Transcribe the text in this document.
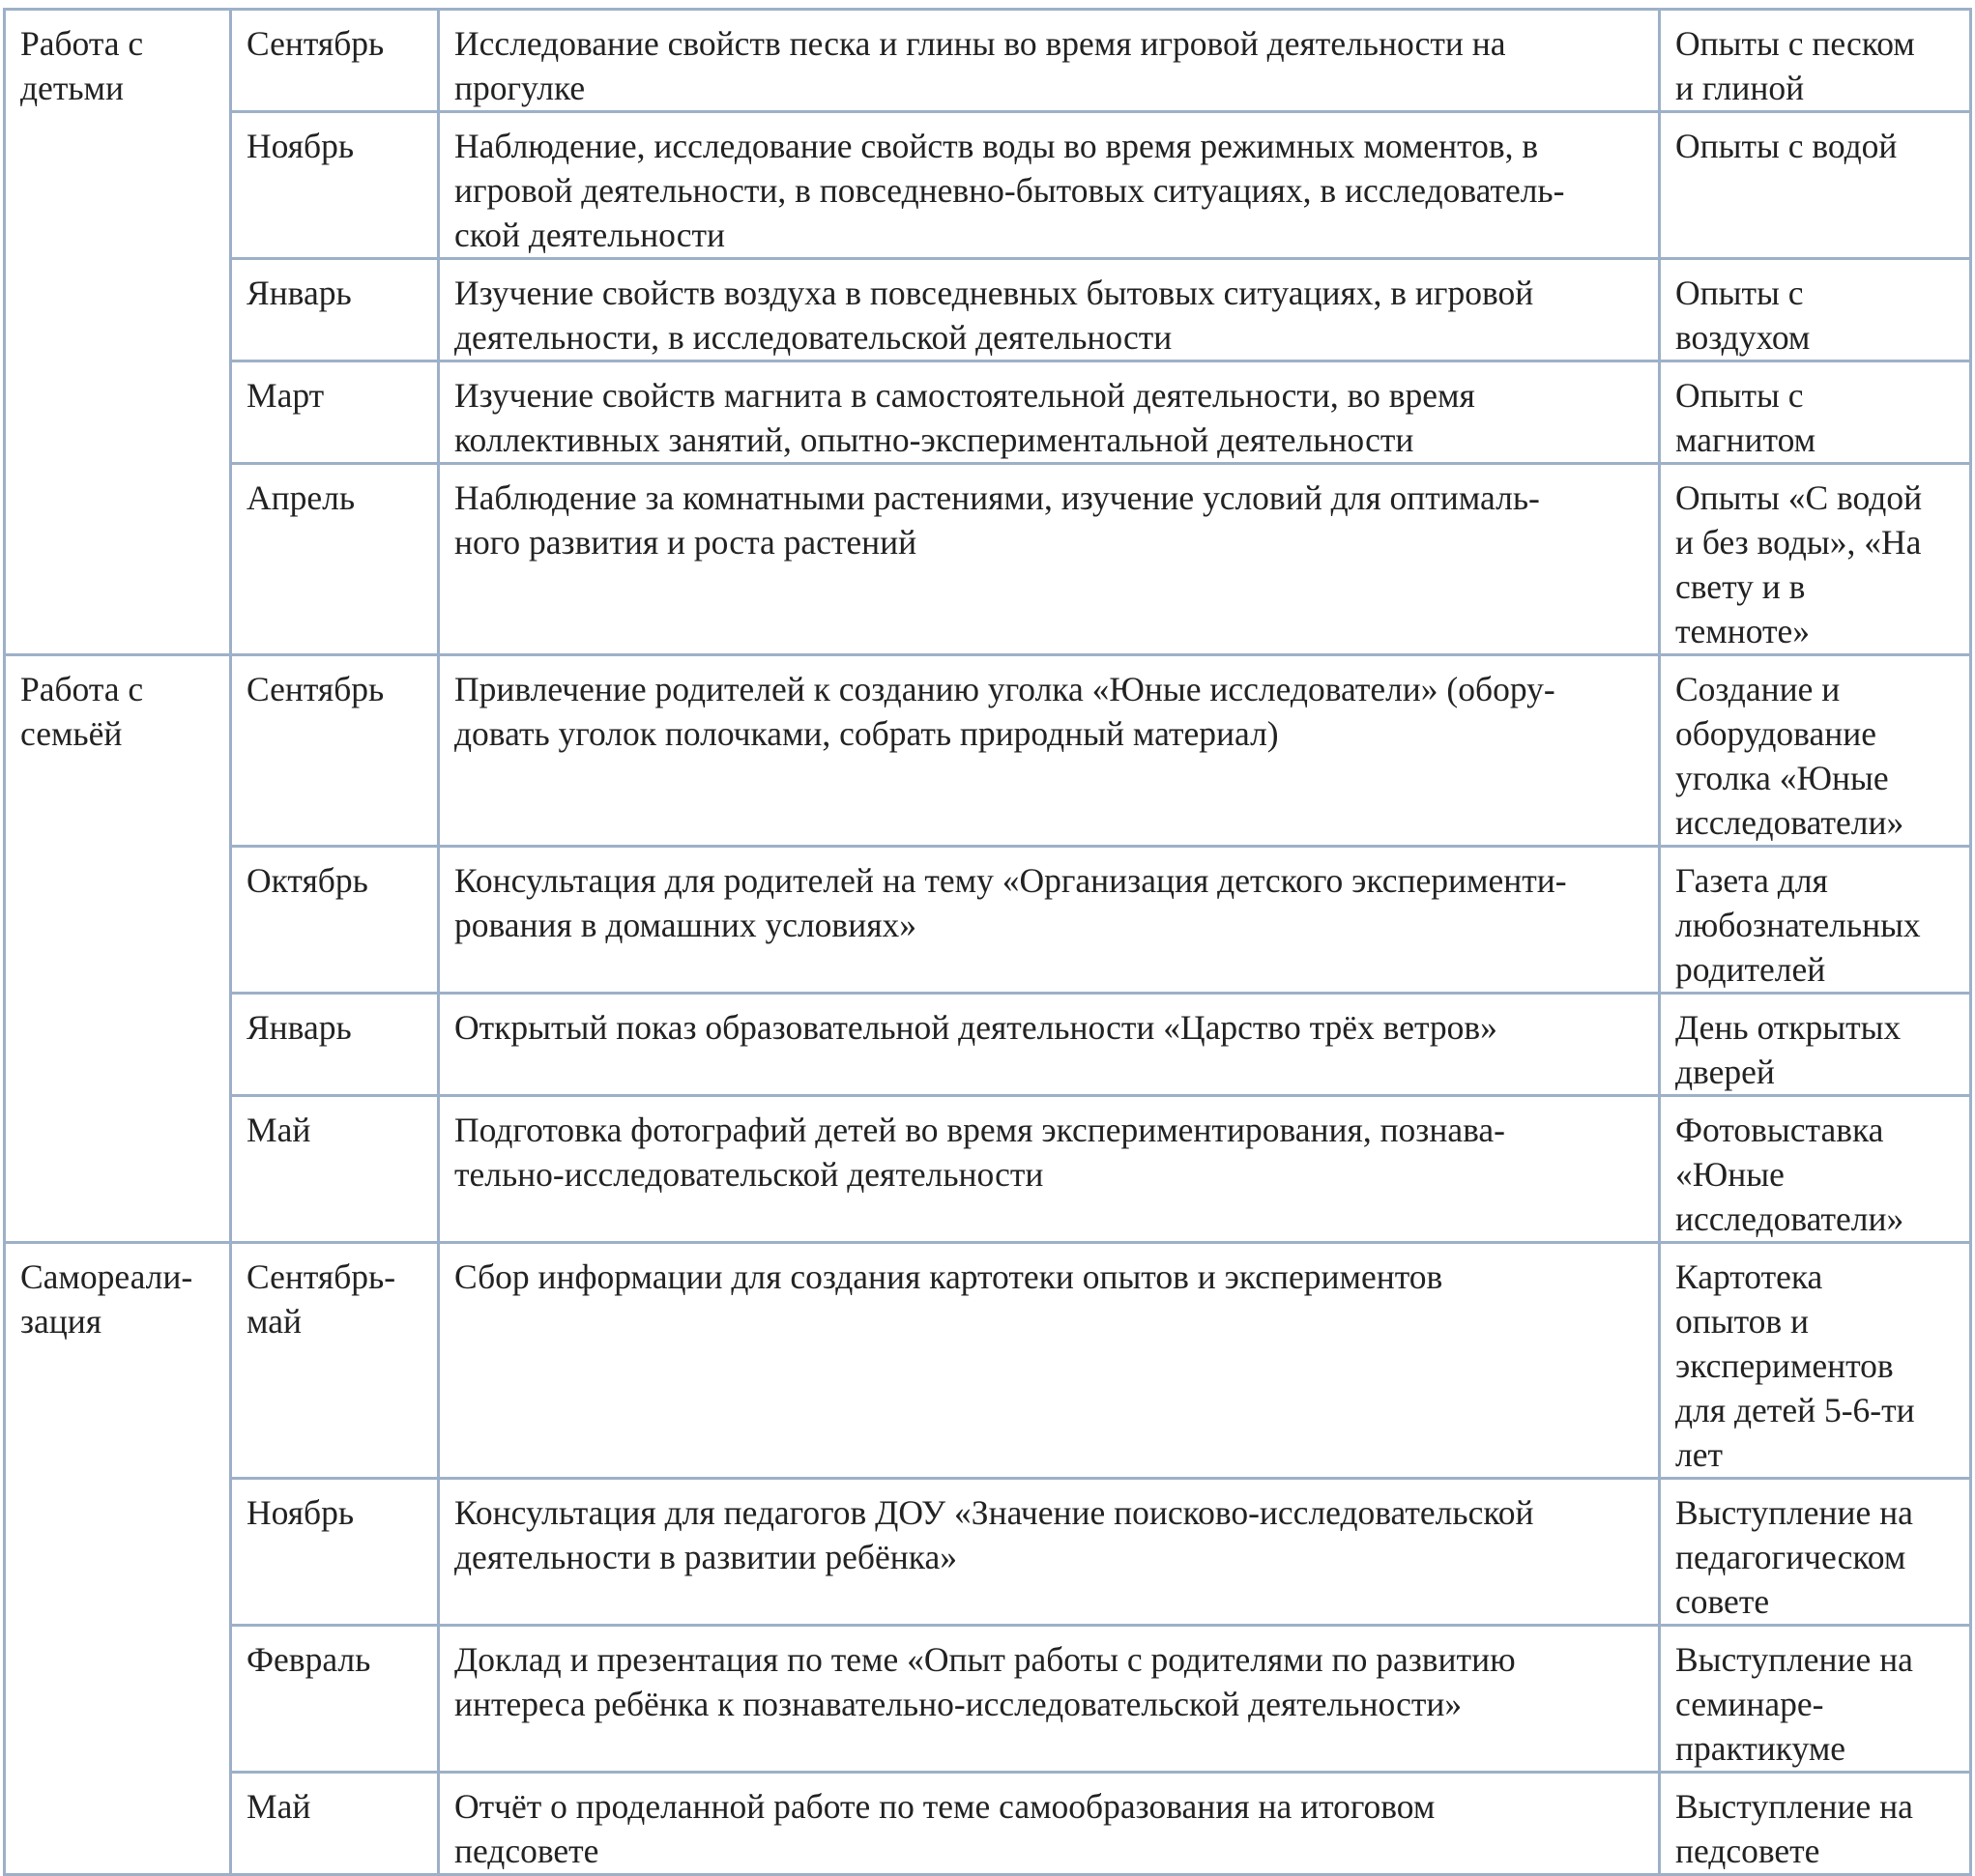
Работа с
детьми	Сентябрь	Исследование свойств песка и глины во время игровой деятельности на
прогулке	Опыты с песком
и глиной

	Ноябрь	Наблюдение, исследование свойств воды во время режимных моментов, в
игровой деятельности, в повседневно-бытовых ситуациях, в исследователь-
ской деятельности	Опыты с водой

	Январь	Изучение свойств воздуха в повседневных бытовых ситуациях, в игровой
деятельности, в исследовательской деятельности	Опыты с
воздухом

	Март	Изучение свойств магнита в самостоятельной деятельности, во время
коллективных занятий, опытно-экспериментальной деятельности	Опыты с
магнитом

	Апрель	Наблюдение за комнатными растениями, изучение условий для оптималь-
ного развития и роста растений	Опыты «С водой
и без воды», «На
свету и в
темноте»

Работа с
семьёй	Сентябрь	Привлечение родителей к созданию уголка «Юные исследователи» (обору-
довать уголок полочками, собрать природный материал)	Создание и
оборудование
уголка «Юные
исследователи»

	Октябрь	Консультация для родителей на тему «Организация детского эксперименти-
рования в домашних условиях»	Газета для
любознательных
родителей

	Январь	Открытый показ образовательной деятельности «Царство трёх ветров»	День открытых
дверей

	Май	Подготовка фотографий детей во время экспериментирования, познава-
тельно-исследовательской деятельности	Фотовыставка
«Юные
исследователи»

Самореали-
зация	Сентябрь-
май	Сбор информации для создания картотеки опытов и экспериментов	Картотека
опытов и
экспериментов
для детей 5-6-ти
лет

	Ноябрь	Консультация для педагогов ДОУ «Значение поисково-исследовательской
деятельности в развитии ребёнка»	Выступление на
педагогическом
совете

	Февраль	Доклад и презентация по теме «Опыт работы с родителями по развитию
интереса ребёнка к познавательно-исследовательской деятельности»	Выступление на
семинаре-
практикуме

	Май	Отчёт о проделанной работе по теме самообразования на итоговом
педсовете	Выступление на
педсовете
